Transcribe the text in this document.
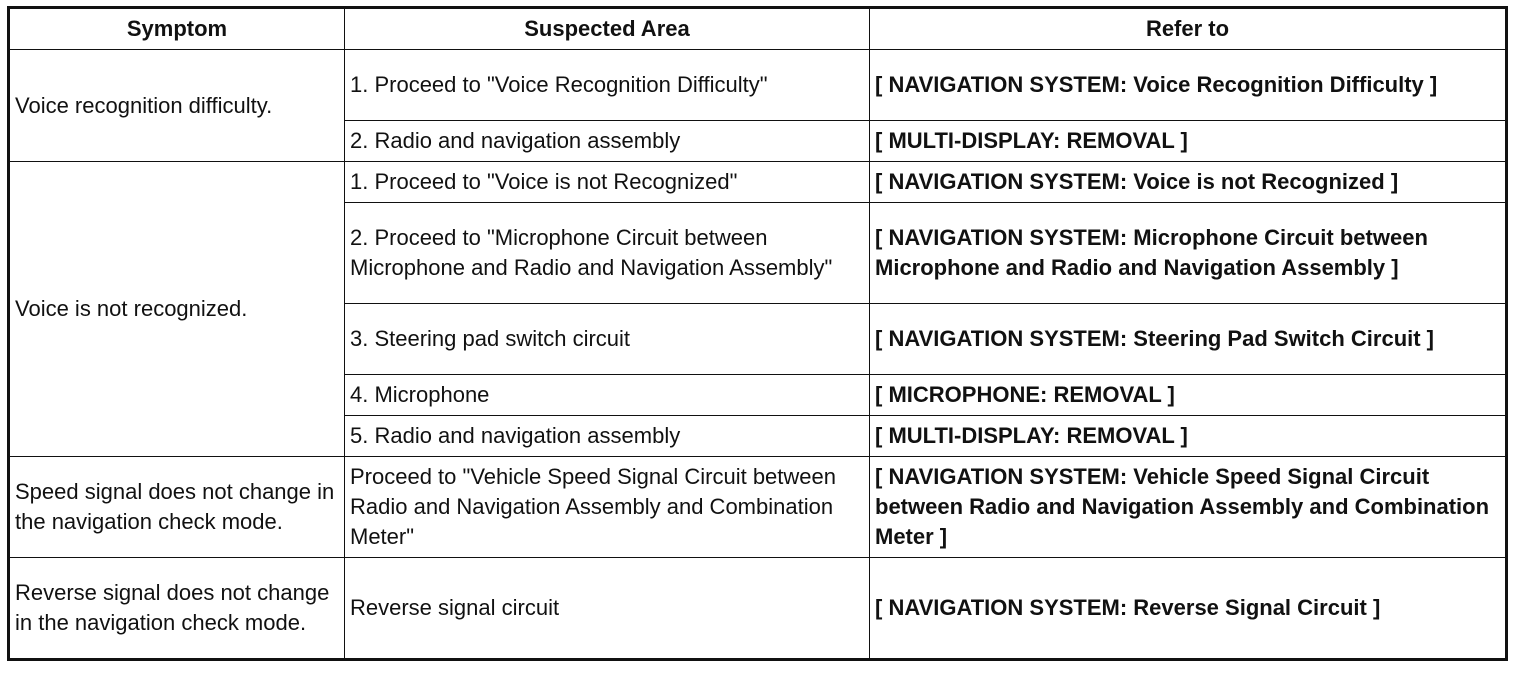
Symptom	Suspected Area	Refer to
Voice recognition difficulty.	1. Proceed to "Voice Recognition Difficulty"	[ NAVIGATION SYSTEM: Voice Recognition Difficulty ]
	2. Radio and navigation assembly	[ MULTI-DISPLAY: REMOVAL ]
Voice is not recognized.	1. Proceed to "Voice is not Recognized"	[ NAVIGATION SYSTEM: Voice is not Recognized ]
	2. Proceed to "Microphone Circuit between Microphone and Radio and Navigation Assembly"	[ NAVIGATION SYSTEM: Microphone Circuit between Microphone and Radio and Navigation Assembly ]
	3. Steering pad switch circuit	[ NAVIGATION SYSTEM: Steering Pad Switch Circuit ]
	4. Microphone	[ MICROPHONE: REMOVAL ]
	5. Radio and navigation assembly	[ MULTI-DISPLAY: REMOVAL ]
Speed signal does not change in the navigation check mode.	Proceed to "Vehicle Speed Signal Circuit between Radio and Navigation Assembly and Combination Meter"	[ NAVIGATION SYSTEM: Vehicle Speed Signal Circuit between Radio and Navigation Assembly and Combination Meter ]
Reverse signal does not change in the navigation check mode.	Reverse signal circuit	[ NAVIGATION SYSTEM: Reverse Signal Circuit ]
